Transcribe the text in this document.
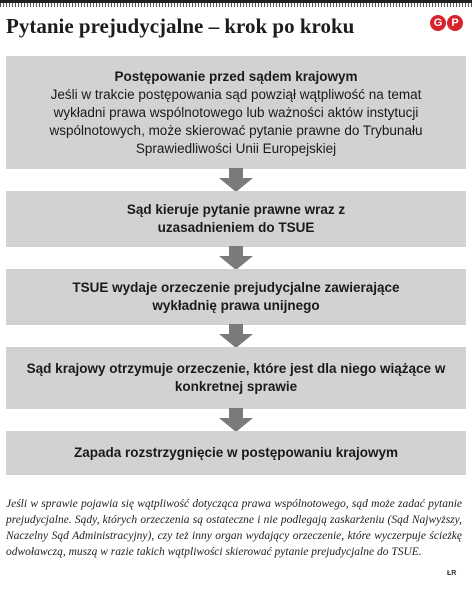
Pytanie prejudycjalne – krok po kroku	G P
Postępowanie przed sądem krajowym
Jeśli w trakcie postępowania sąd powziął wątpliwość na temat wykładni prawa wspólnotowego lub ważności aktów instytucji wspólnotowych, może skierować pytanie prawne do Trybunału Sprawiedliwości Unii Europejskiej
Sąd kieruje pytanie prawne wraz z uzasadnieniem do TSUE
TSUE wydaje orzeczenie prejudycjalne zawierające wykładnię prawa unijnego
Sąd krajowy otrzymuje orzeczenie, które jest dla niego wiążące w konkretnej sprawie
Zapada rozstrzygnięcie w postępowaniu krajowym

Jeśli w sprawie pojawia się wątpliwość dotycząca prawa wspólnotowego, sąd może zadać pytanie prejudycjalne. Sądy, których orzeczenia są ostateczne i nie podlegają zaskarżeniu (Sąd Najwyższy, Naczelny Sąd Administracyjny), czy też inny organ wydający orzeczenie, które wyczerpuje ścieżkę odwoławczą, muszą w razie takich wątpliwości skierować pytanie prejudycjalne do TSUE.

ŁR
